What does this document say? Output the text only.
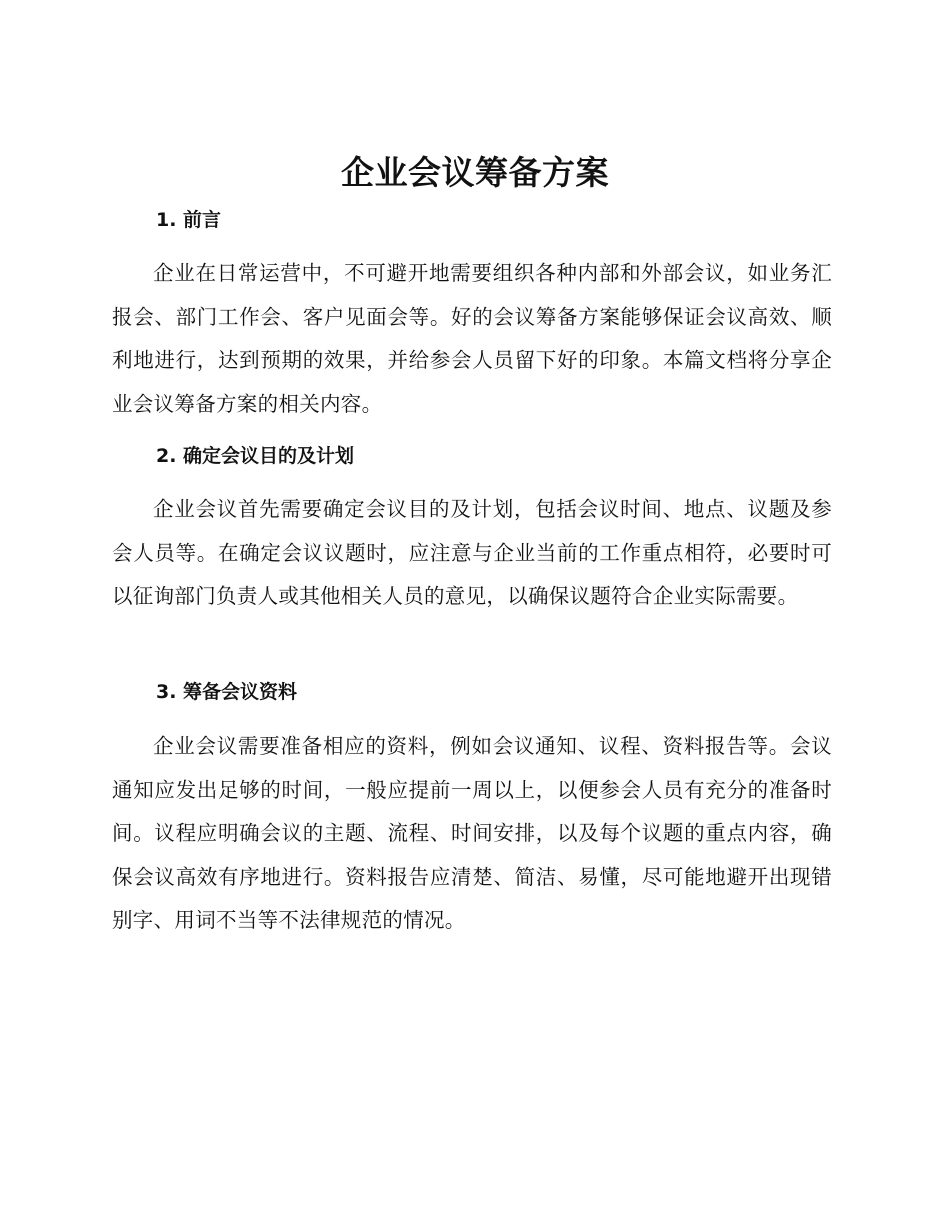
企业会议筹备方案
1. 前言

企业在日常运营中，不可避开地需要组织各种内部和外部会议，如业务汇报会、部门工作会、客户见面会等。好的会议筹备方案能够保证会议高效、顺利地进行，达到预期的效果，并给参会人员留下好的印象。本篇文档将分享企业会议筹备方案的相关内容。

2. 确定会议目的及计划

企业会议首先需要确定会议目的及计划，包括会议时间、地点、议题及参会人员等。在确定会议议题时，应注意与企业当前的工作重点相符，必要时可以征询部门负责人或其他相关人员的意见，以确保议题符合企业实际需要。

3. 筹备会议资料

企业会议需要准备相应的资料，例如会议通知、议程、资料报告等。会议通知应发出足够的时间，一般应提前一周以上，以便参会人员有充分的准备时间。议程应明确会议的主题、流程、时间安排，以及每个议题的重点内容，确保会议高效有序地进行。资料报告应清楚、简洁、易懂，尽可能地避开出现错别字、用词不当等不法律规范的情况。
